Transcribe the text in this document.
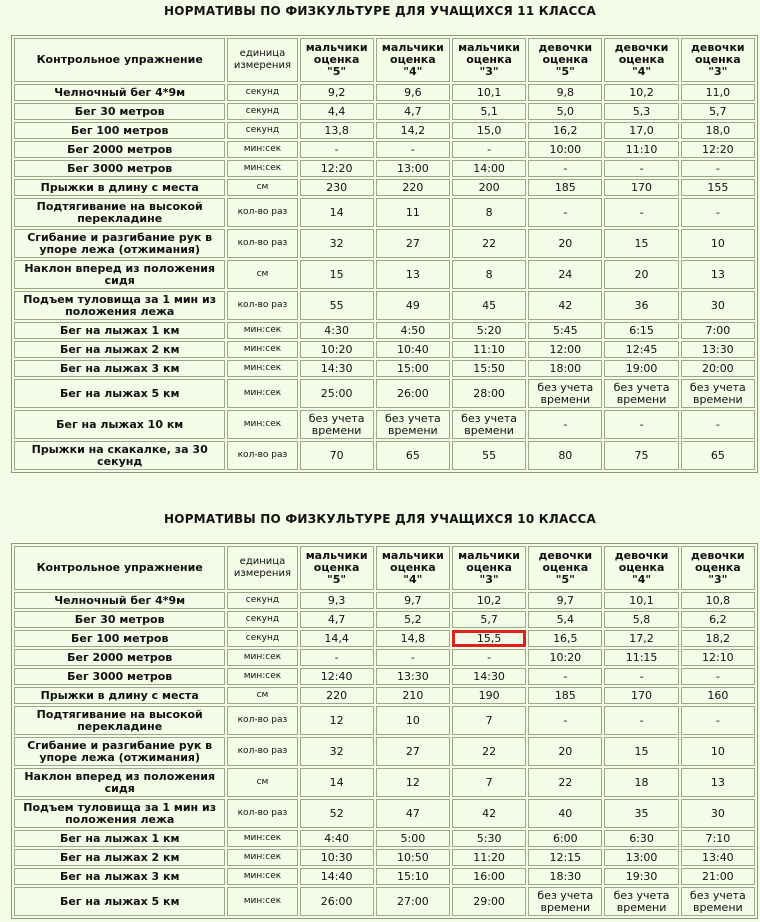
НОРМАТИВЫ ПО ФИЗКУЛЬТУРЕ ДЛЯ УЧАЩИХСЯ 11 КЛАССА
Контрольное упражнение	единица измерения	мальчики оценка "5"	мальчики оценка "4"	мальчики оценка "3"	девочки оценка "5"	девочки оценка "4"	девочки оценка "3"
Челночный бег 4*9м	секунд	9,2	9,6	10,1	9,8	10,2	11,0
Бег 30 метров	секунд	4,4	4,7	5,1	5,0	5,3	5,7
Бег 100 метров	секунд	13,8	14,2	15,0	16,2	17,0	18,0
Бег 2000 метров	мин:сек	-	-	-	10:00	11:10	12:20
Бег 3000 метров	мин:сек	12:20	13:00	14:00	-	-	-
Прыжки в длину с места	см	230	220	200	185	170	155
Подтягивание на высокой перекладине	кол-во раз	14	11	8	-	-	-
Сгибание и разгибание рук в упоре лежа (отжимания)	кол-во раз	32	27	22	20	15	10
Наклон вперед из положения сидя	см	15	13	8	24	20	13
Подъем туловища за 1 мин из положения лежа	кол-во раз	55	49	45	42	36	30
Бег на лыжах 1 км	мин:сек	4:30	4:50	5:20	5:45	6:15	7:00
Бег на лыжах 2 км	мин:сек	10:20	10:40	11:10	12:00	12:45	13:30
Бег на лыжах 3 км	мин:сек	14:30	15:00	15:50	18:00	19:00	20:00
Бег на лыжах 5 км	мин:сек	25:00	26:00	28:00	без учета времени	без учета времени	без учета времени
Бег на лыжах 10 км	мин:сек	без учета времени	без учета времени	без учета времени	-	-	-
Прыжки на скакалке, за 30 секунд	кол-во раз	70	65	55	80	75	65
НОРМАТИВЫ ПО ФИЗКУЛЬТУРЕ ДЛЯ УЧАЩИХСЯ 10 КЛАССА
Контрольное упражнение	единица измерения	мальчики оценка "5"	мальчики оценка "4"	мальчики оценка "3"	девочки оценка "5"	девочки оценка "4"	девочки оценка "3"
Челночный бег 4*9м	секунд	9,3	9,7	10,2	9,7	10,1	10,8
Бег 30 метров	секунд	4,7	5,2	5,7	5,4	5,8	6,2
Бег 100 метров	секунд	14,4	14,8	15,5	16,5	17,2	18,2
Бег 2000 метров	мин:сек	-	-	-	10:20	11:15	12:10
Бег 3000 метров	мин:сек	12:40	13:30	14:30	-	-	-
Прыжки в длину с места	см	220	210	190	185	170	160
Подтягивание на высокой перекладине	кол-во раз	12	10	7	-	-	-
Сгибание и разгибание рук в упоре лежа (отжимания)	кол-во раз	32	27	22	20	15	10
Наклон вперед из положения сидя	см	14	12	7	22	18	13
Подъем туловища за 1 мин из положения лежа	кол-во раз	52	47	42	40	35	30
Бег на лыжах 1 км	мин:сек	4:40	5:00	5:30	6:00	6:30	7:10
Бег на лыжах 2 км	мин:сек	10:30	10:50	11:20	12:15	13:00	13:40
Бег на лыжах 3 км	мин:сек	14:40	15:10	16:00	18:30	19:30	21:00
Бег на лыжах 5 км	мин:сек	26:00	27:00	29:00	без учета времени	без учета времени	без учета времени
